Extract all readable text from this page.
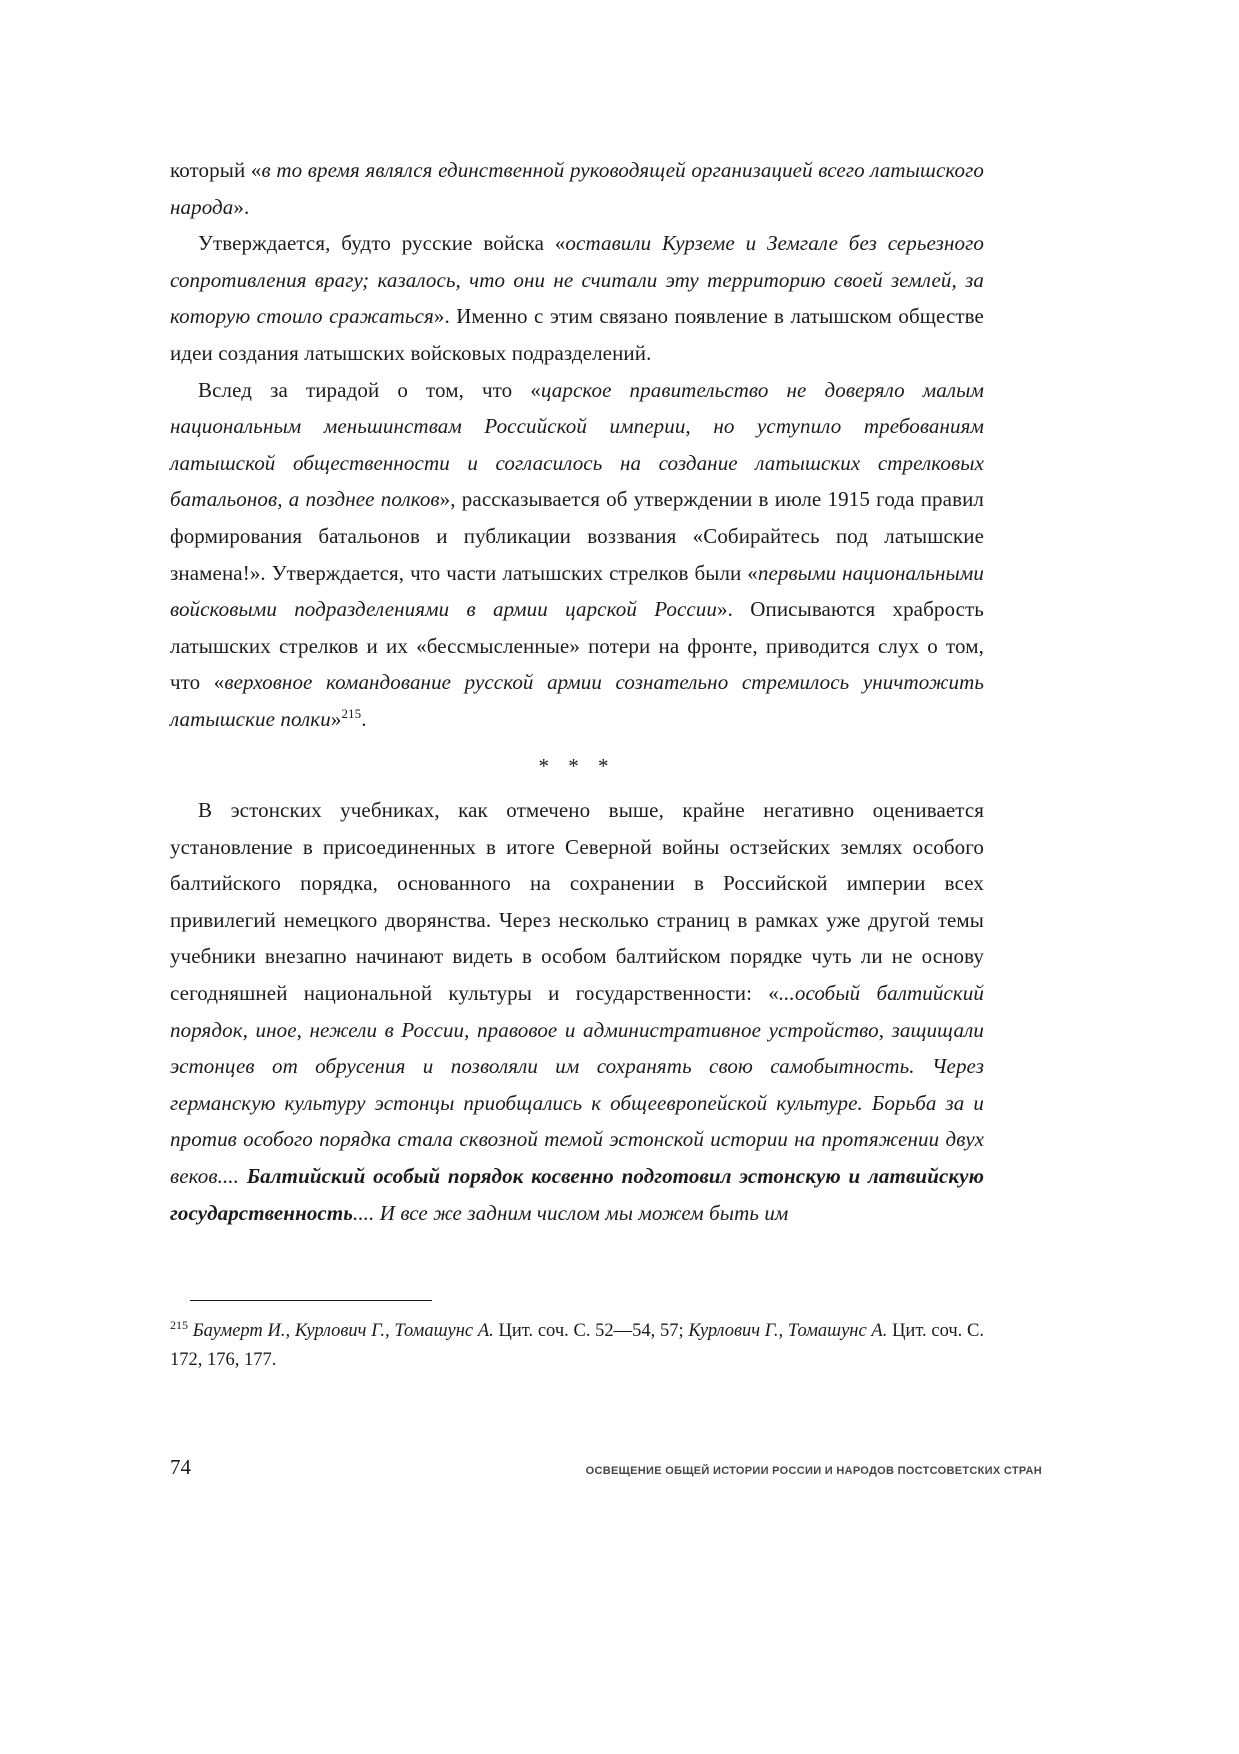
который «в то время являлся единственной руководящей организацией всего латышского народа».

Утверждается, будто русские войска «оставили Курземе и Земгале без серьезного сопротивления врагу; казалось, что они не считали эту территорию своей землей, за которую стоило сражаться». Именно с этим связано появление в латышском обществе идеи создания латышских войсковых подразделений.

Вслед за тирадой о том, что «царское правительство не доверяло малым национальным меньшинствам Российской империи, но уступило требованиям латышской общественности и согласилось на создание латышских стрелковых батальонов, а позднее полков», рассказывается об утверждении в июле 1915 года правил формирования батальонов и публикации воззвания «Собирайтесь под латышские знамена!». Утверждается, что части латышских стрелков были «первыми национальными войсковыми подразделениями в армии царской России». Описываются храбрость латышских стрелков и их «бессмысленные» потери на фронте, приводится слух о том, что «верховное командование русской армии сознательно стремилось уничтожить латышские полки»$^{215}$.

* * *

В эстонских учебниках, как отмечено выше, крайне негативно оценивается установление в присоединенных в итоге Северной войны остзейских землях особого балтийского порядка, основанного на сохранении в Российской империи всех привилегий немецкого дворянства. Через несколько страниц в рамках уже другой темы учебники внезапно начинают видеть в особом балтийском порядке чуть ли не основу сегодняшней национальной культуры и государственности: «...особый балтийский порядок, иное, нежели в России, правовое и административное устройство, защищали эстонцев от обрусения и позволяли им сохранять свою самобытность. Через германскую культуру эстонцы приобщались к общеевропейской культуре. Борьба за и против особого порядка стала сквозной темой эстонской истории на протяжении двух веков.... Балтийский особый порядок косвенно подготовил эстонскую и латвийскую государственность.... И все же задним числом мы можем быть им

$^{215}$ Баумерт И., Курлович Г., Томашунс А. Цит. соч. С. 52—54, 57; Курлович Г., Томашунс А. Цит. соч. С. 172, 176, 177.

74	ОСВЕЩЕНИЕ ОБЩЕЙ ИСТОРИИ РОССИИ И НАРОДОВ ПОСТСОВЕТСКИХ СТРАН
